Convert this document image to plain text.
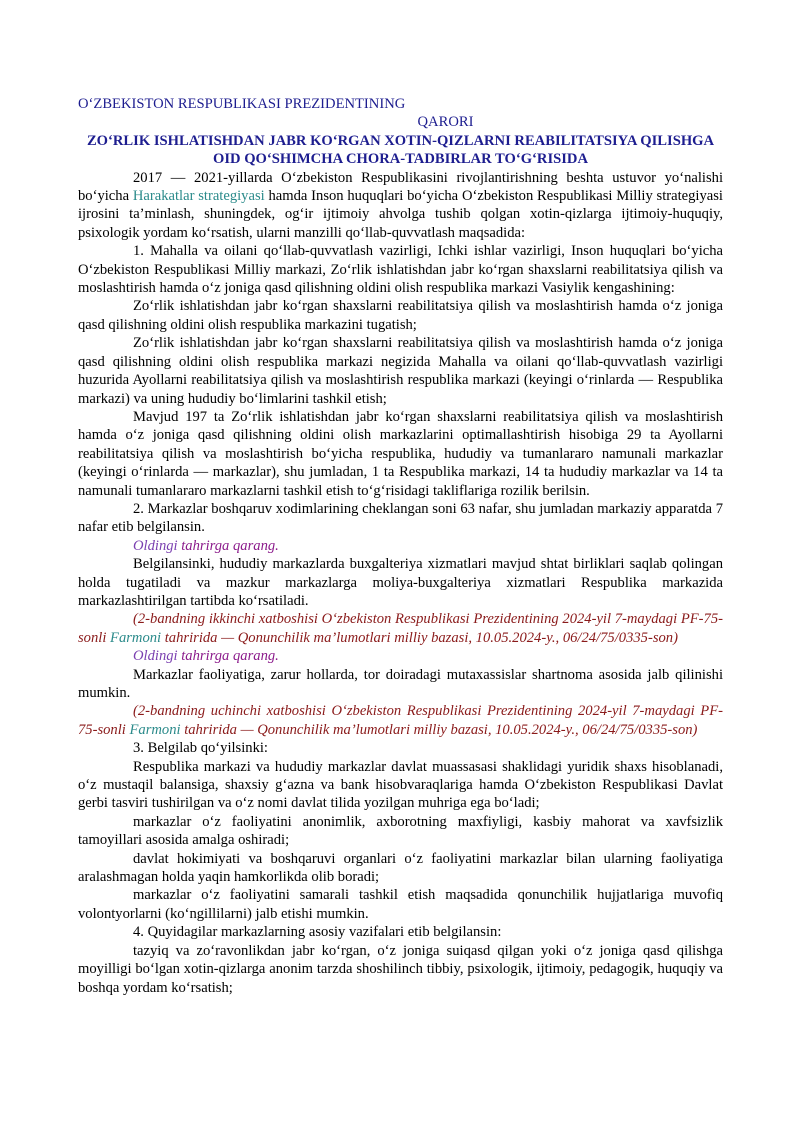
O‘ZBEKISTON RESPUBLIKASI PREZIDENTINING

QARORI

ZO‘RLIK ISHLATISHDAN JABR KO‘RGAN XOTIN-QIZLARNI REABILITATSIYA QILISHGA OID QO‘SHIMCHA CHORA-TADBIRLAR TO‘G‘RISIDA

2017 — 2021-yillarda O‘zbekiston Respublikasini rivojlantirishning beshta ustuvor yo‘nalishi bo‘yicha Harakatlar strategiyasi hamda Inson huquqlari bo‘yicha O‘zbekiston Respublikasi Milliy strategiyasi ijrosini ta’minlash, shuningdek, og‘ir ijtimoiy ahvolga tushib qolgan xotin-qizlarga ijtimoiy-huquqiy, psixologik yordam ko‘rsatish, ularni manzilli qo‘llab-quvvatlash maqsadida:

1. Mahalla va oilani qo‘llab-quvvatlash vazirligi, Ichki ishlar vazirligi, Inson huquqlari bo‘yicha O‘zbekiston Respublikasi Milliy markazi, Zo‘rlik ishlatishdan jabr ko‘rgan shaxslarni reabilitatsiya qilish va moslashtirish hamda o‘z joniga qasd qilishning oldini olish respublika markazi Vasiylik kengashining:

Zo‘rlik ishlatishdan jabr ko‘rgan shaxslarni reabilitatsiya qilish va moslashtirish hamda o‘z joniga qasd qilishning oldini olish respublika markazini tugatish;

Zo‘rlik ishlatishdan jabr ko‘rgan shaxslarni reabilitatsiya qilish va moslashtirish hamda o‘z joniga qasd qilishning oldini olish respublika markazi negizida Mahalla va oilani qo‘llab-quvvatlash vazirligi huzurida Ayollarni reabilitatsiya qilish va moslashtirish respublika markazi (keyingi o‘rinlarda — Respublika markazi) va uning hududiy bo‘limlarini tashkil etish;

Mavjud 197 ta Zo‘rlik ishlatishdan jabr ko‘rgan shaxslarni reabilitatsiya qilish va moslashtirish hamda o‘z joniga qasd qilishning oldini olish markazlarini optimallashtirish hisobiga 29 ta Ayollarni reabilitatsiya qilish va moslashtirish bo‘yicha respublika, hududiy va tumanlararo namunali markazlar (keyingi o‘rinlarda — markazlar), shu jumladan, 1 ta Respublika markazi, 14 ta hududiy markazlar va 14 ta namunali tumanlararo markazlarni tashkil etish to‘g‘risidagi takliflariga rozilik berilsin.

2. Markazlar boshqaruv xodimlarining cheklangan soni 63 nafar, shu jumladan markaziy apparatda 7 nafar etib belgilansin.

Oldingi tahrirga qarang.

Belgilansinki, hududiy markazlarda buxgalteriya xizmatlari mavjud shtat birliklari saqlab qolingan holda tugatiladi va mazkur markazlarga moliya-buxgalteriya xizmatlari Respublika markazida markazlashtirilgan tartibda ko‘rsatiladi.

(2-bandning ikkinchi xatboshisi O‘zbekiston Respublikasi Prezidentining 2024-yil 7-maydagi PF-75-sonli Farmoni tahririda — Qonunchilik ma’lumotlari milliy bazasi, 10.05.2024-y., 06/24/75/0335-son)

Oldingi tahrirga qarang.

Markazlar faoliyatiga, zarur hollarda, tor doiradagi mutaxassislar shartnoma asosida jalb qilinishi mumkin.

(2-bandning uchinchi xatboshisi O‘zbekiston Respublikasi Prezidentining 2024-yil 7-maydagi PF-75-sonli Farmoni tahririda — Qonunchilik ma’lumotlari milliy bazasi, 10.05.2024-y., 06/24/75/0335-son)

3. Belgilab qo‘yilsinki:

Respublika markazi va hududiy markazlar davlat muassasasi shaklidagi yuridik shaxs hisoblanadi, o‘z mustaqil balansiga, shaxsiy g‘azna va bank hisobvaraqlariga hamda O‘zbekiston Respublikasi Davlat gerbi tasviri tushirilgan va o‘z nomi davlat tilida yozilgan muhriga ega bo‘ladi;

markazlar o‘z faoliyatini anonimlik, axborotning maxfiyligi, kasbiy mahorat va xavfsizlik tamoyillari asosida amalga oshiradi;

davlat hokimiyati va boshqaruvi organlari o‘z faoliyatini markazlar bilan ularning faoliyatiga aralashmagan holda yaqin hamkorlikda olib boradi;

markazlar o‘z faoliyatini samarali tashkil etish maqsadida qonunchilik hujjatlariga muvofiq volontyorlarni (ko‘ngillilarni) jalb etishi mumkin.

4. Quyidagilar markazlarning asosiy vazifalari etib belgilansin:

tazyiq va zo‘ravonlikdan jabr ko‘rgan, o‘z joniga suiqasd qilgan yoki o‘z joniga qasd qilishga moyilligi bo‘lgan xotin-qizlarga anonim tarzda shoshilinch tibbiy, psixologik, ijtimoiy, pedagogik, huquqiy va boshqa yordam ko‘rsatish;
